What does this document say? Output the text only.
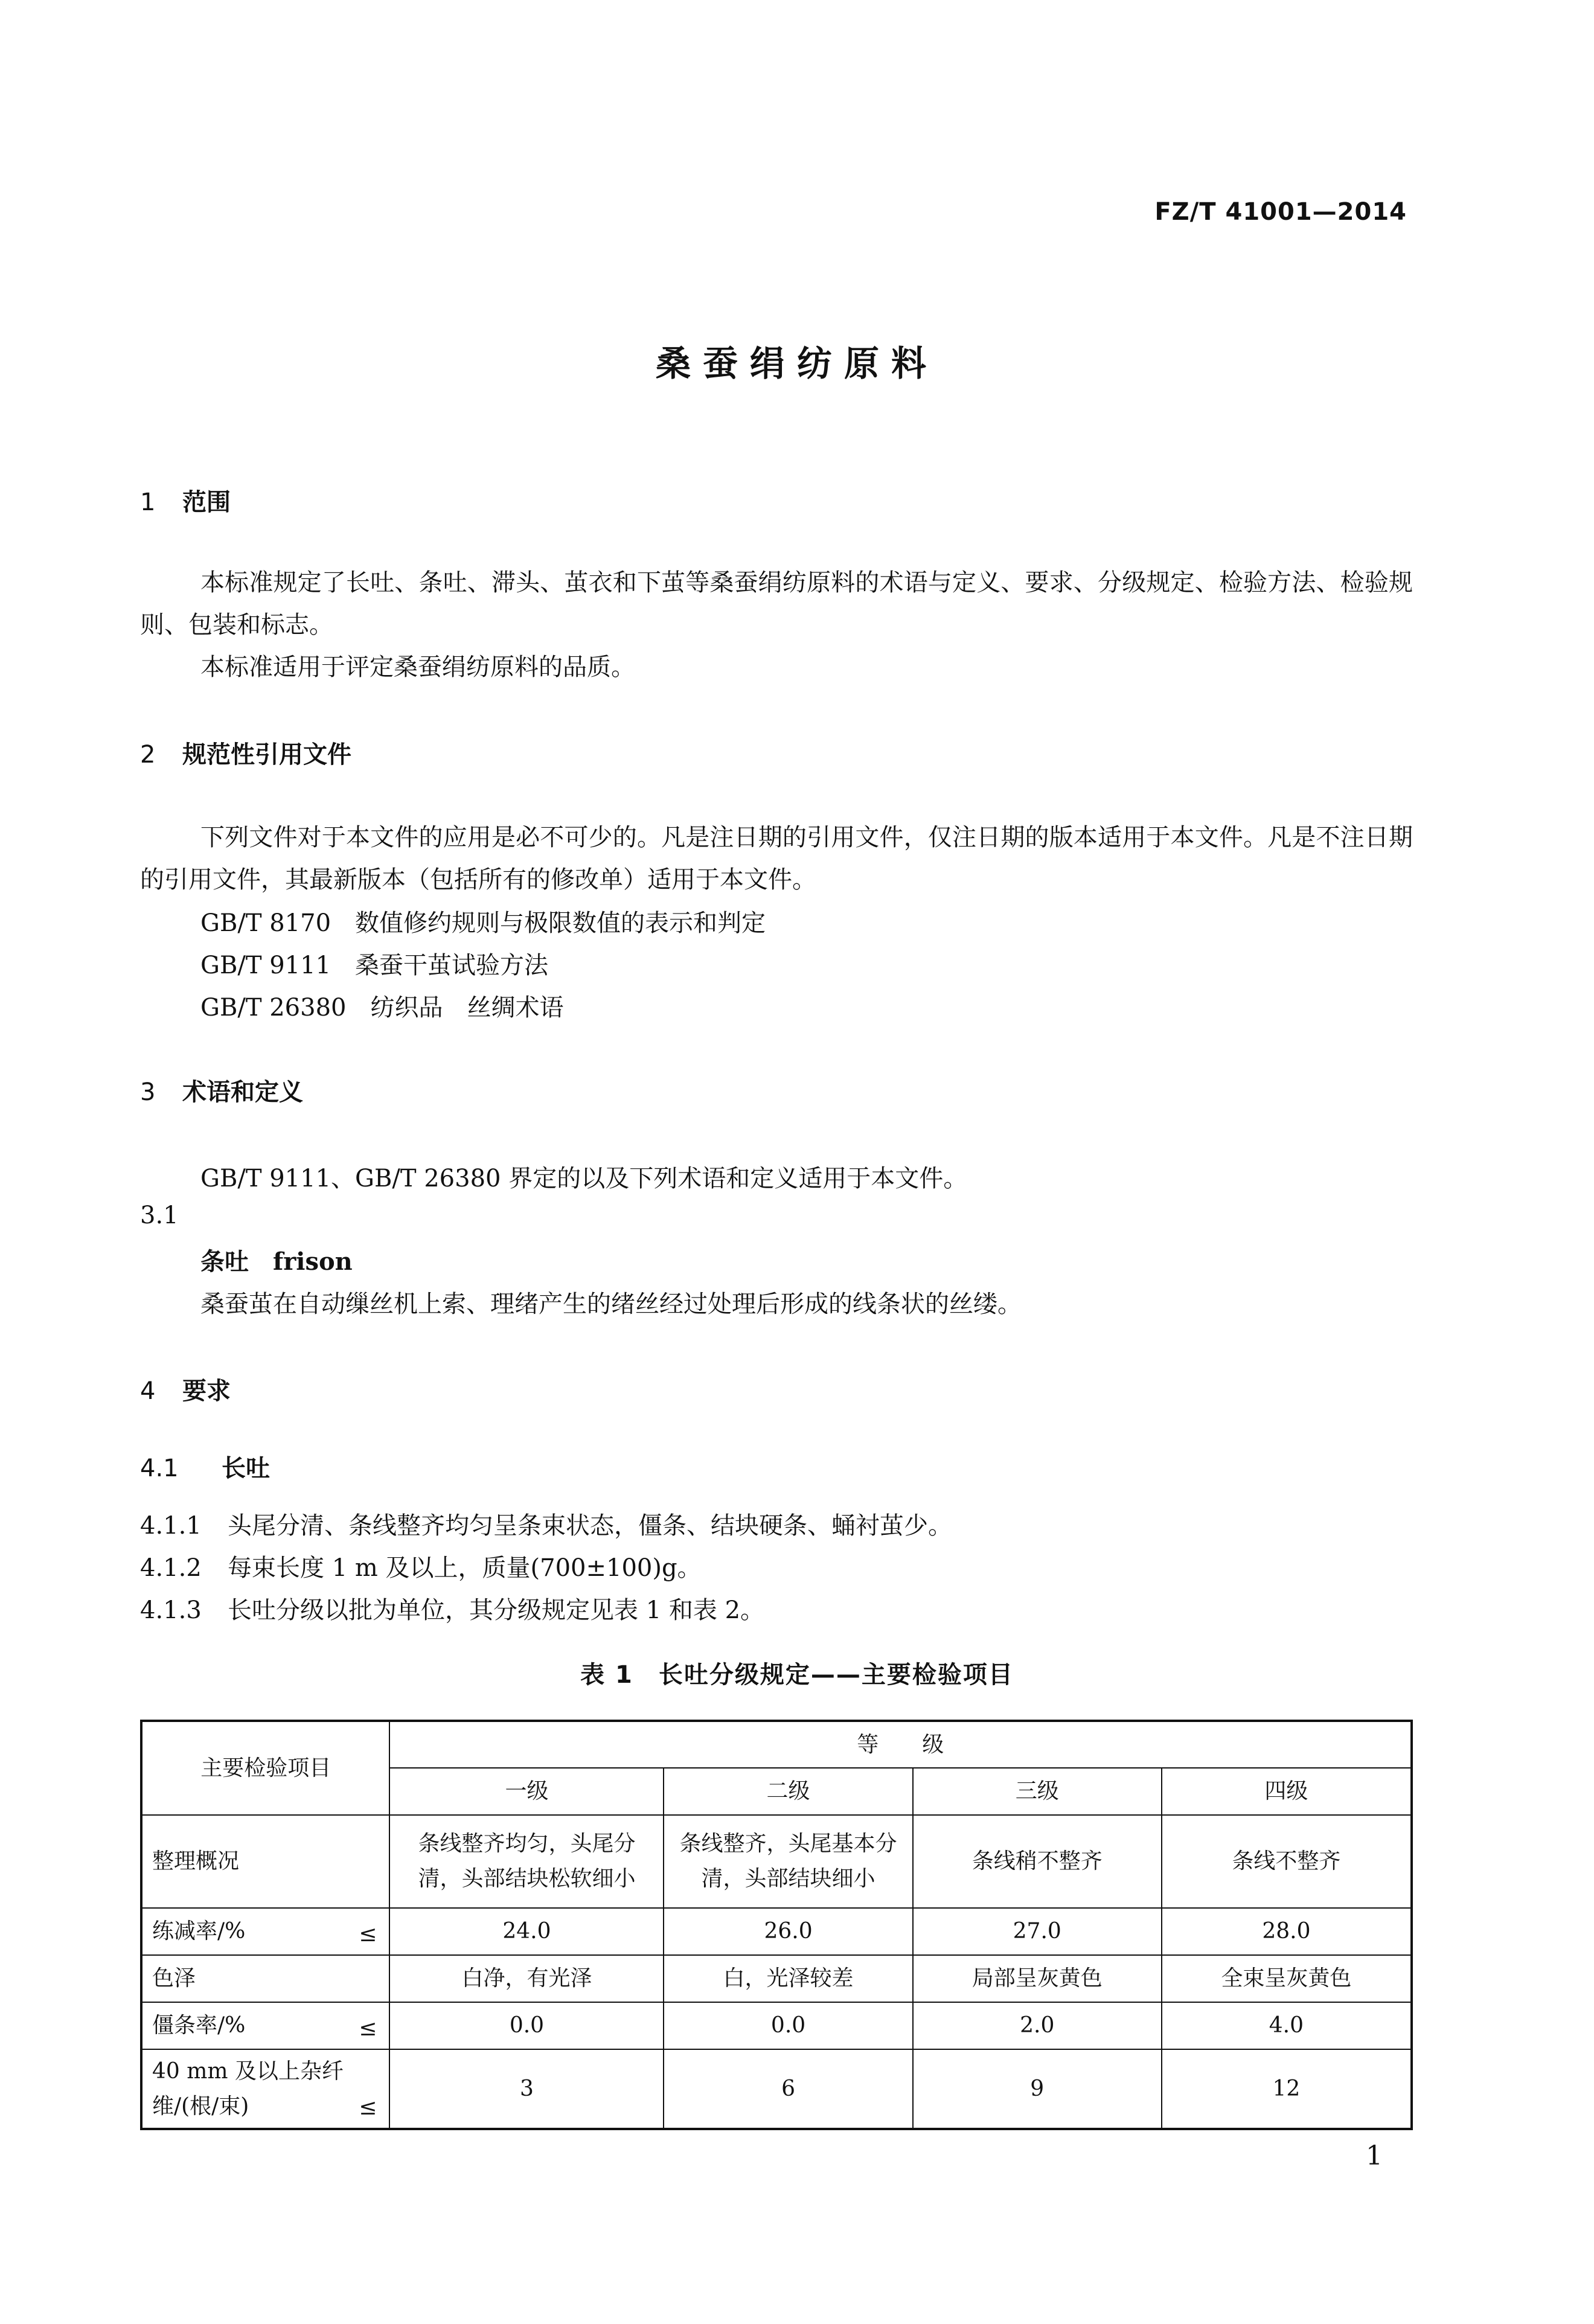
FZ/T 41001—2014
桑蚕绢纺原料
1 范围
本标准规定了长吐、条吐、滞头、茧衣和下茧等桑蚕绢纺原料的术语与定义、要求、分级规定、检验方法、检验规则、包装和标志。
本标准适用于评定桑蚕绢纺原料的品质。
2 规范性引用文件
下列文件对于本文件的应用是必不可少的。凡是注日期的引用文件，仅注日期的版本适用于本文件。凡是不注日期的引用文件，其最新版本（包括所有的修改单）适用于本文件。
GB/T 8170　 数值修约规则与极限数值的表示和判定
GB/T 9111　 桑蚕干茧试验方法
GB/T 26380　 纺织品　丝绸术语
3 术语和定义
GB/T 9111、GB/T 26380 界定的以及下列术语和定义适用于本文件。
3.1
条吐　frison
桑蚕茧在自动缫丝机上索、理绪产生的绪丝经过处理后形成的线条状的丝缕。
4 要求
4.1 长吐
4.1.1 头尾分清、条线整齐均匀呈条束状态，僵条、结块硬条、蛹衬茧少。
4.1.2 每束长度 1 m 及以上，质量(700±100)g。
4.1.3 长吐分级以批为单位，其分级规定见表 1 和表 2。
表 1　长吐分级规定——主要检验项目
主要检验项目	等　　级			
	一级	二级	三级	四级
整理概况	条线整齐均匀，头尾分清，头部结块松软细小	条线整齐，头尾基本分清，头部结块细小	条线稍不整齐	条线不整齐
练减率/% ≤	24.0	26.0	27.0	28.0
色泽	白净，有光泽	白，光泽较差	局部呈灰黄色	全束呈灰黄色
僵条率/% ≤	0.0	0.0	2.0	4.0
40 mm 及以上杂纤维/(根/束) ≤	3	6	9	12
1
